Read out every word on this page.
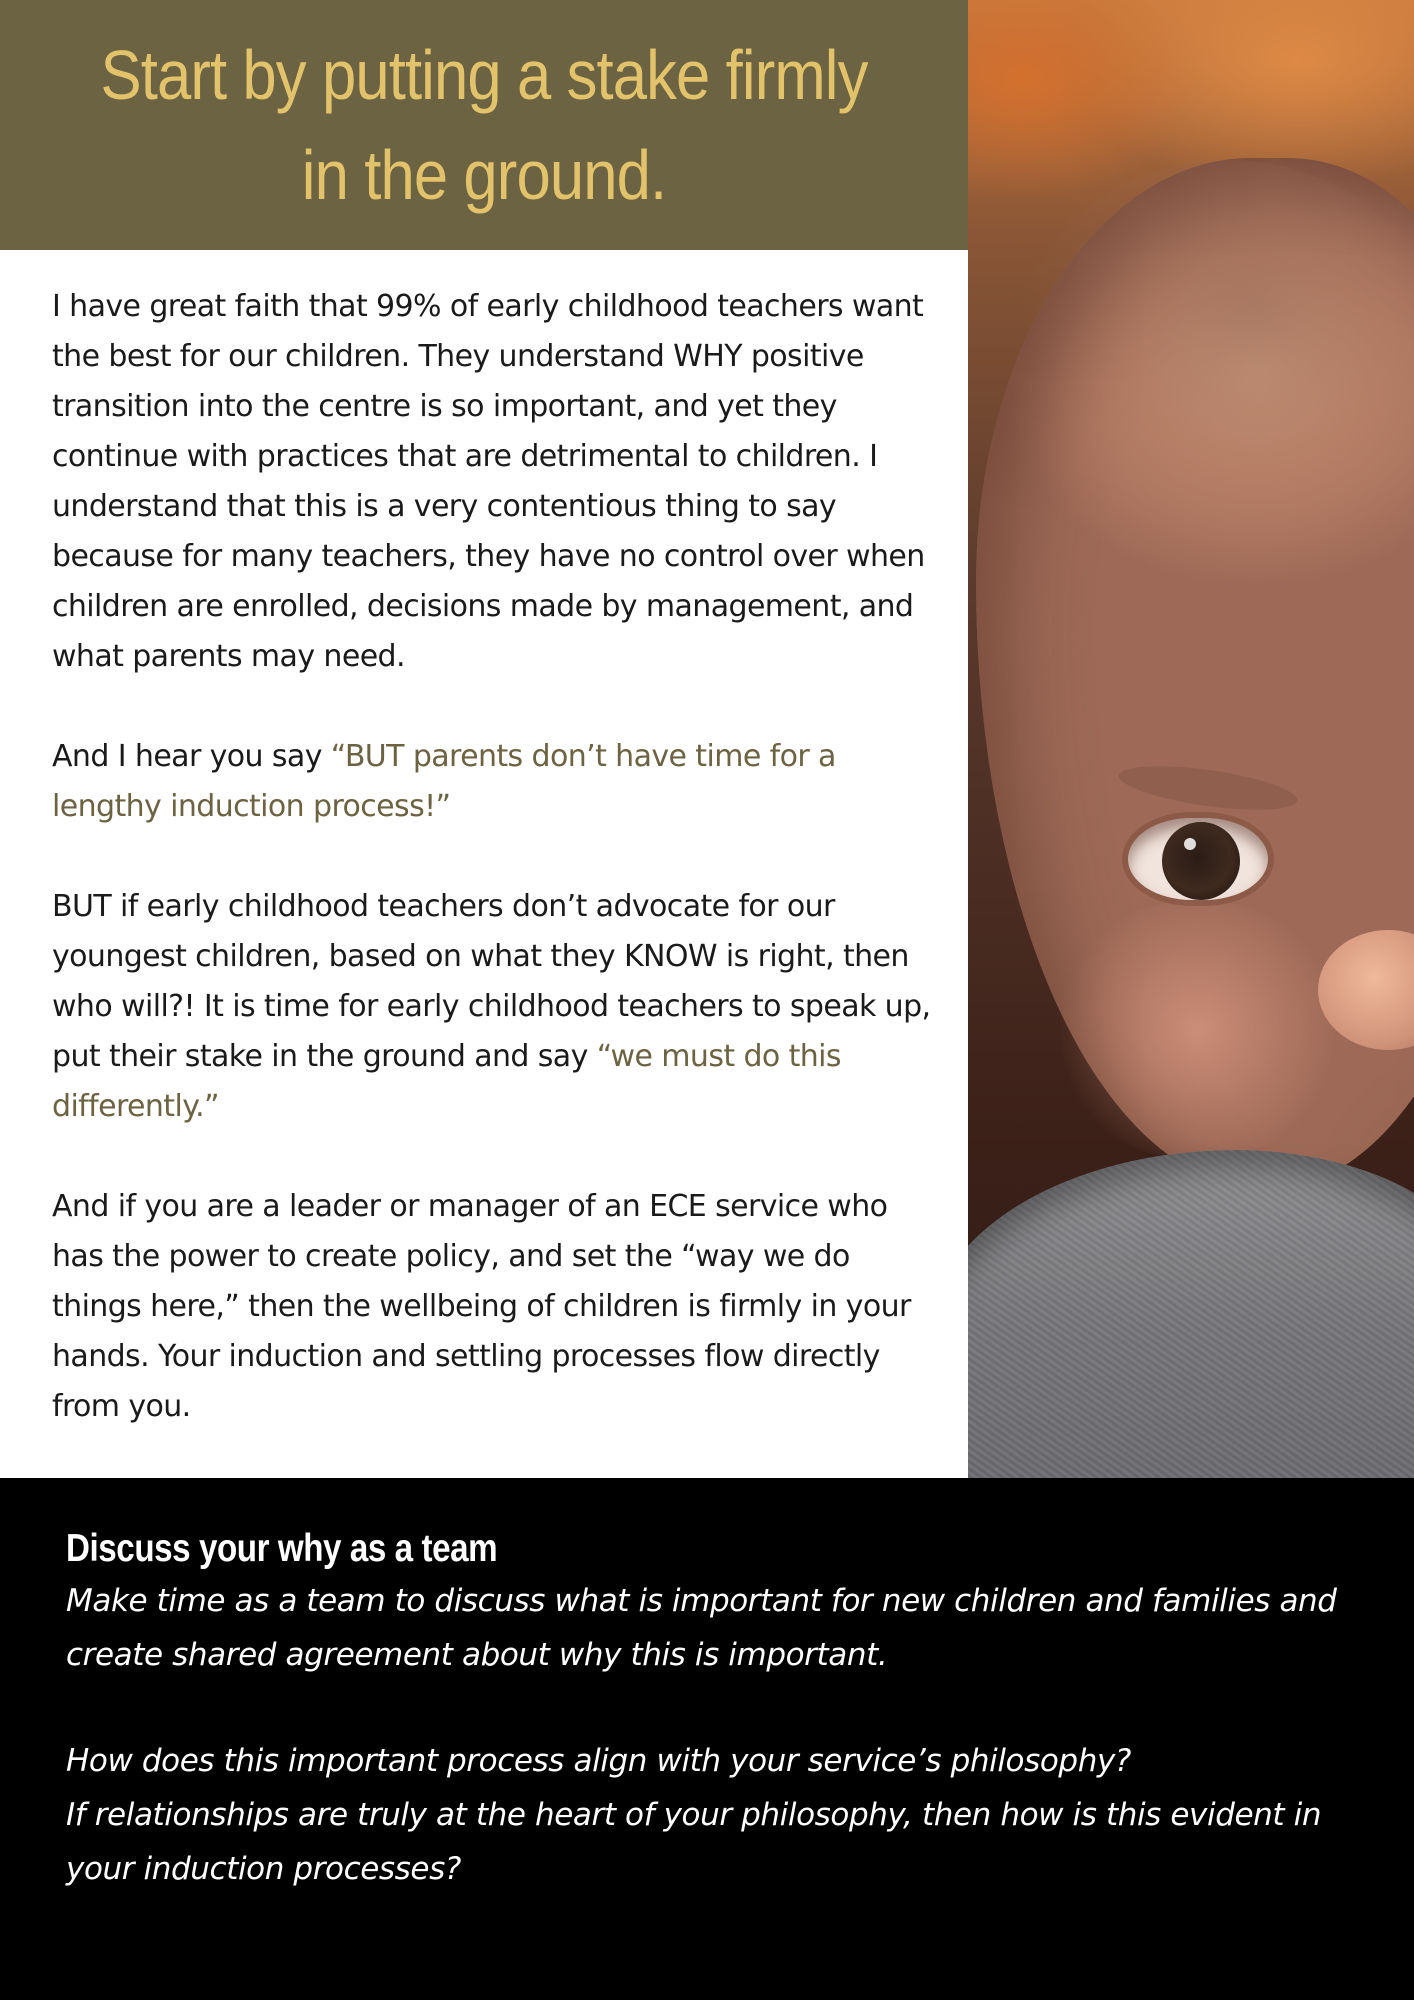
Start by putting a stake firmly
in the ground.

I have great faith that 99% of early childhood teachers want the best for our children. They understand WHY positive transition into the centre is so important, and yet they continue with practices that are detrimental to children. I understand that this is a very contentious thing to say because for many teachers, they have no control over when children are enrolled, decisions made by management, and what parents may need.

And I hear you say “BUT parents don’t have time for a lengthy induction process!”

BUT if early childhood teachers don’t advocate for our youngest children, based on what they KNOW is right, then who will?! It is time for early childhood teachers to speak up, put their stake in the ground and say “we must do this differently.”

And if you are a leader or manager of an ECE service who has the power to create policy, and set the “way we do things here,” then the wellbeing of children is firmly in your hands. Your induction and settling processes flow directly from you.

Discuss your why as a team

Make time as a team to discuss what is important for new children and families and create shared agreement about why this is important.

How does this important process align with your service’s philosophy?
If relationships are truly at the heart of your philosophy, then how is this evident in your induction processes?
